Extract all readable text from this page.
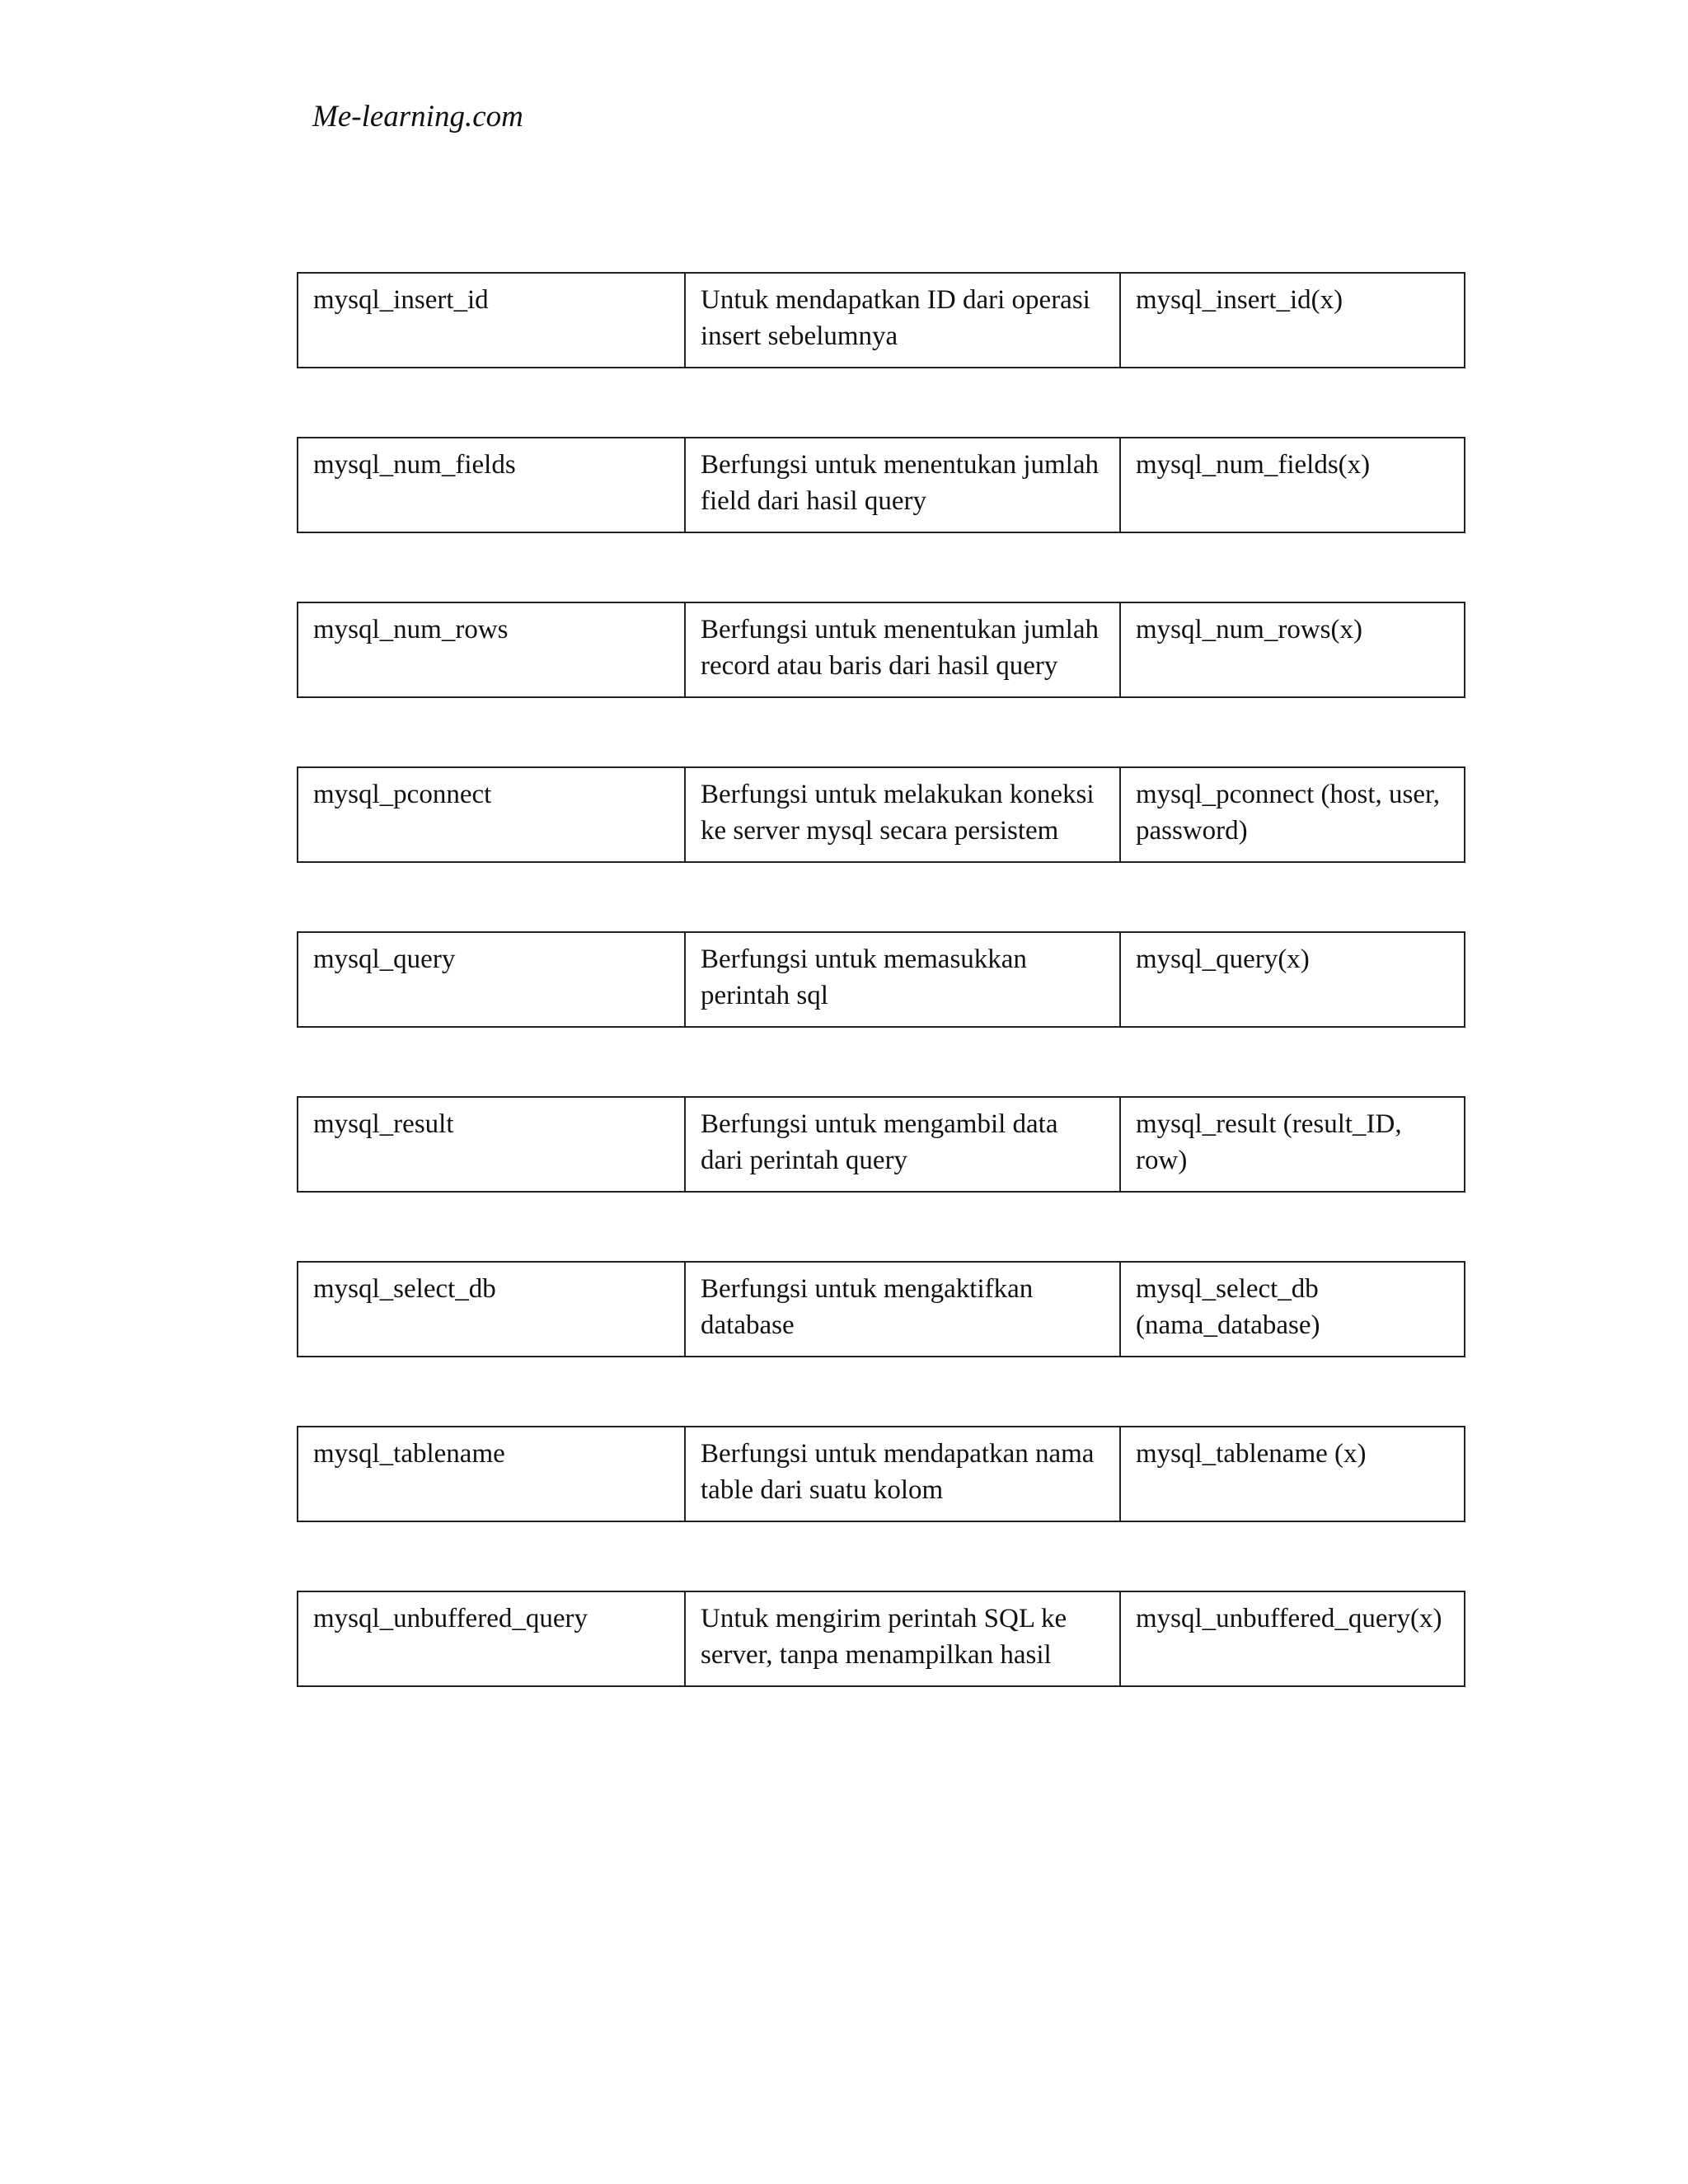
Me-learning.com
mysql_insert_id	Untuk mendapatkan ID dari operasi insert sebelumnya	mysql_insert_id(x)
mysql_num_fields	Berfungsi untuk menentukan jumlah field dari hasil query	mysql_num_fields(x)
mysql_num_rows	Berfungsi untuk menentukan jumlah record atau baris dari hasil query	mysql_num_rows(x)
mysql_pconnect	Berfungsi untuk melakukan koneksi ke server mysql secara persistem	mysql_pconnect (host, user, password)
mysql_query	Berfungsi untuk memasukkan perintah sql	mysql_query(x)
mysql_result	Berfungsi untuk mengambil data dari perintah query	mysql_result (result_ID, row)
mysql_select_db	Berfungsi untuk mengaktifkan database	mysql_select_db (nama_database)
mysql_tablename	Berfungsi untuk mendapatkan nama table dari suatu kolom	mysql_tablename (x)
mysql_unbuffered_query	Untuk mengirim perintah SQL ke server, tanpa menampilkan hasil	mysql_unbuffered_query(x)
